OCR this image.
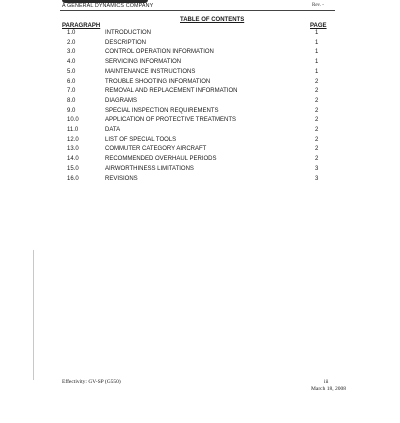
A GENERAL DYNAMICS COMPANY	Rev. -
TABLE OF CONTENTS
PARAGRAPH	PAGE
1.0	INTRODUCTION	1
2.0	DESCRIPTION	1
3.0	CONTROL OPERATION INFORMATION	1
4.0	SERVICING INFORMATION	1
5.0	MAINTENANCE INSTRUCTIONS	1
6.0	TROUBLE SHOOTING INFORMATION	2
7.0	REMOVAL AND REPLACEMENT INFORMATION	2
8.0	DIAGRAMS	2
9.0	SPECIAL INSPECTION REQUIREMENTS	2
10.0	APPLICATION OF PROTECTIVE TREATMENTS	2
11.0	DATA	2
12.0	LIST OF SPECIAL TOOLS	2
13.0	COMMUTER CATEGORY AIRCRAFT	2
14.0	RECOMMENDED OVERHAUL PERIODS	2
15.0	AIRWORTHINESS LIMITATIONS	3
16.0	REVISIONS	3
Effectivity: GV-SP (G550)	iii
March 18, 2008
